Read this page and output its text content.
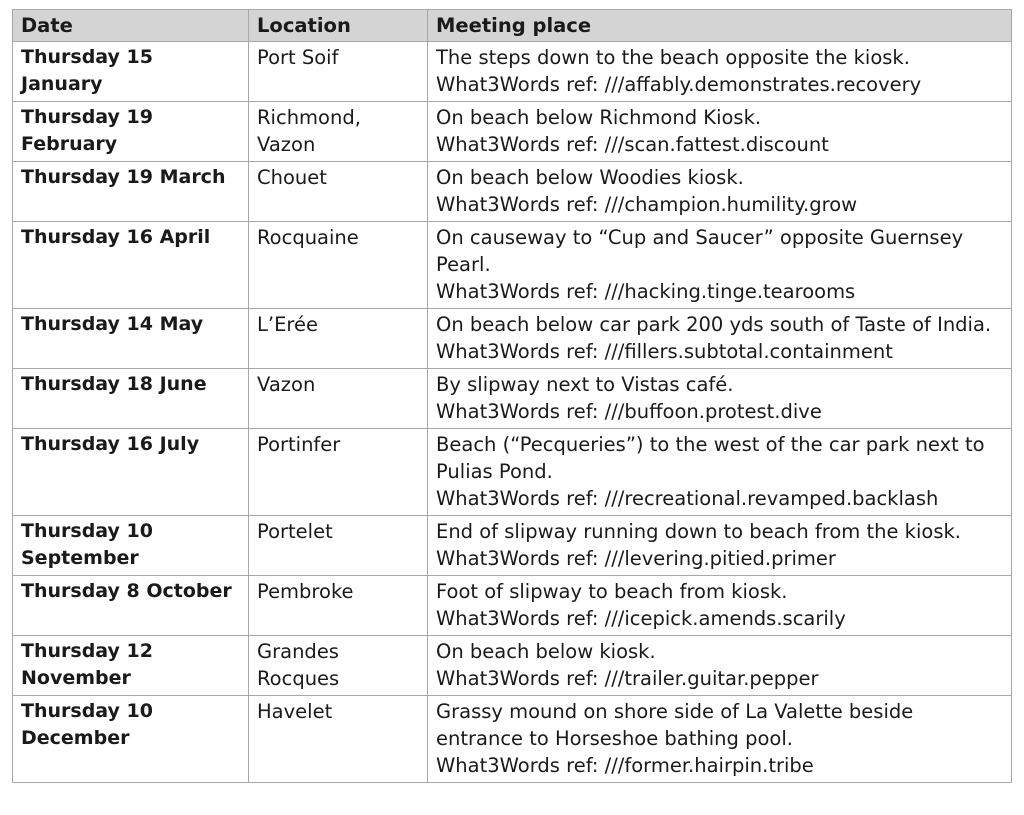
Date	Location	Meeting place
Thursday 15 January	Port Soif	The steps down to the beach opposite the kiosk.
What3Words ref: ///affably.demonstrates.recovery

Thursday 19 February	Richmond, Vazon	On beach below Richmond Kiosk.
What3Words ref: ///scan.fattest.discount

Thursday 19 March	Chouet	On beach below Woodies kiosk.
What3Words ref: ///champion.humility.grow

Thursday 16 April	Rocquaine	On causeway to “Cup and Saucer” opposite Guernsey Pearl.
What3Words ref: ///hacking.tinge.tearooms

Thursday 14 May	L’Erée	On beach below car park 200 yds south of Taste of India.
What3Words ref: ///fillers.subtotal.containment

Thursday 18 June	Vazon	By slipway next to Vistas café.
What3Words ref: ///buffoon.protest.dive

Thursday 16 July	Portinfer	Beach (“Pecqueries”) to the west of the car park next to Pulias Pond.
What3Words ref: ///recreational.revamped.backlash

Thursday 10 September	Portelet	End of slipway running down to beach from the kiosk.
What3Words ref: ///levering.pitied.primer

Thursday 8 October	Pembroke	Foot of slipway to beach from kiosk.
What3Words ref: ///icepick.amends.scarily

Thursday 12 November	Grandes Rocques	On beach below kiosk.
What3Words ref: ///trailer.guitar.pepper

Thursday 10 December	Havelet	Grassy mound on shore side of La Valette beside entrance to Horseshoe bathing pool.
What3Words ref: ///former.hairpin.tribe
